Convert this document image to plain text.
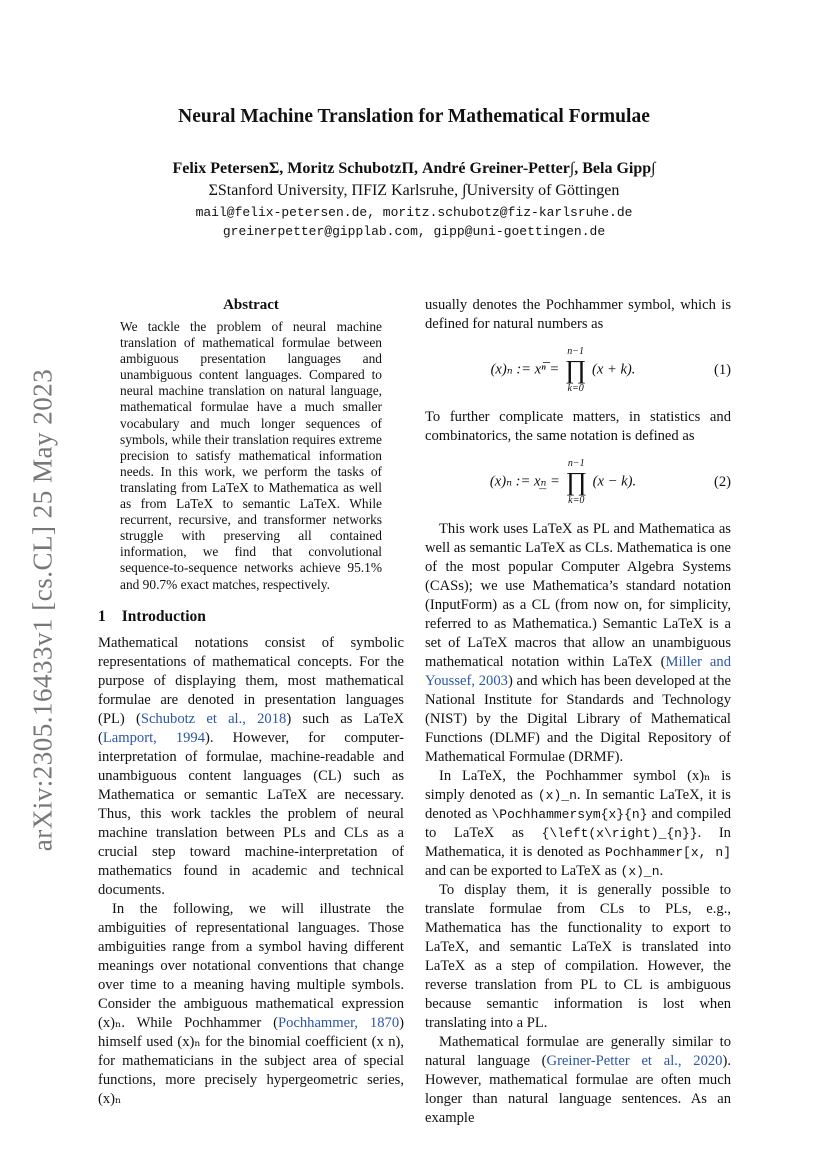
arXiv:2305.16433v1 [cs.CL] 25 May 2023
Neural Machine Translation for Mathematical Formulae
Felix PetersenΣ, Moritz SchubotzΠ, André Greiner-Petter∫, Bela Gipp∫
ΣStanford University, ΠFIZ Karlsruhe, ∫University of Göttingen
mail@felix-petersen.de, moritz.schubotz@fiz-karlsruhe.de
greinerpetter@gipplab.com, gipp@uni-goettingen.de
Abstract

We tackle the problem of neural machine translation of mathematical formulae between ambiguous presentation languages and unambiguous content languages. Compared to neural machine translation on natural language, mathematical formulae have a much smaller vocabulary and much longer sequences of symbols, while their translation requires extreme precision to satisfy mathematical information needs. In this work, we perform the tasks of translating from LaTeX to Mathematica as well as from LaTeX to semantic LaTeX. While recurrent, recursive, and transformer networks struggle with preserving all contained information, we find that convolutional sequence-to-sequence networks achieve 95.1% and 90.7% exact matches, respectively.

1 Introduction

Mathematical notations consist of symbolic representations of mathematical concepts. For the purpose of displaying them, most mathematical formulae are denoted in presentation languages (PL) (Schubotz et al., 2018) such as LaTeX (Lamport, 1994). However, for computer-interpretation of formulae, machine-readable and unambiguous content languages (CL) such as Mathematica or semantic LaTeX are necessary. Thus, this work tackles the problem of neural machine translation between PLs and CLs as a crucial step toward machine-interpretation of mathematics found in academic and technical documents.

In the following, we will illustrate the ambiguities of representational languages. Those ambiguities range from a symbol having different meanings over notational conventions that change over time to a meaning having multiple symbols. Consider the ambiguous mathematical expression (x)ₙ. While Pochhammer (Pochhammer, 1870) himself used (x)ₙ for the binomial coefficient (x n), for mathematicians in the subject area of special functions, more precisely hypergeometric series, (x)ₙ

usually denotes the Pochhammer symbol, which is defined for natural numbers as

(x)ₙ := xⁿ̅ =
n−1
∏
k=0
(x + k).	(1)

To further complicate matters, in statistics and combinatorics, the same notation is defined as

(x)ₙ := xₙ̲ =
n−1
∏
k=0
(x − k).	(2)

This work uses LaTeX as PL and Mathematica as well as semantic LaTeX as CLs. Mathematica is one of the most popular Computer Algebra Systems (CASs); we use Mathematica’s standard notation (InputForm) as a CL (from now on, for simplicity, referred to as Mathematica.) Semantic LaTeX is a set of LaTeX macros that allow an unambiguous mathematical notation within LaTeX (Miller and Youssef, 2003) and which has been developed at the National Institute for Standards and Technology (NIST) by the Digital Library of Mathematical Functions (DLMF) and the Digital Repository of Mathematical Formulae (DRMF).

In LaTeX, the Pochhammer symbol (x)ₙ is simply denoted as (x)_n. In semantic LaTeX, it is denoted as \Pochhammersym{x}{n} and compiled to LaTeX as {\left(x\right)_{n}}. In Mathematica, it is denoted as Pochhammer[x, n] and can be exported to LaTeX as (x)_n.

To display them, it is generally possible to translate formulae from CLs to PLs, e.g., Mathematica has the functionality to export to LaTeX, and semantic LaTeX is translated into LaTeX as a step of compilation. However, the reverse translation from PL to CL is ambiguous because semantic information is lost when translating into a PL.

Mathematical formulae are generally similar to natural language (Greiner-Petter et al., 2020). However, mathematical formulae are often much longer than natural language sentences. As an example
